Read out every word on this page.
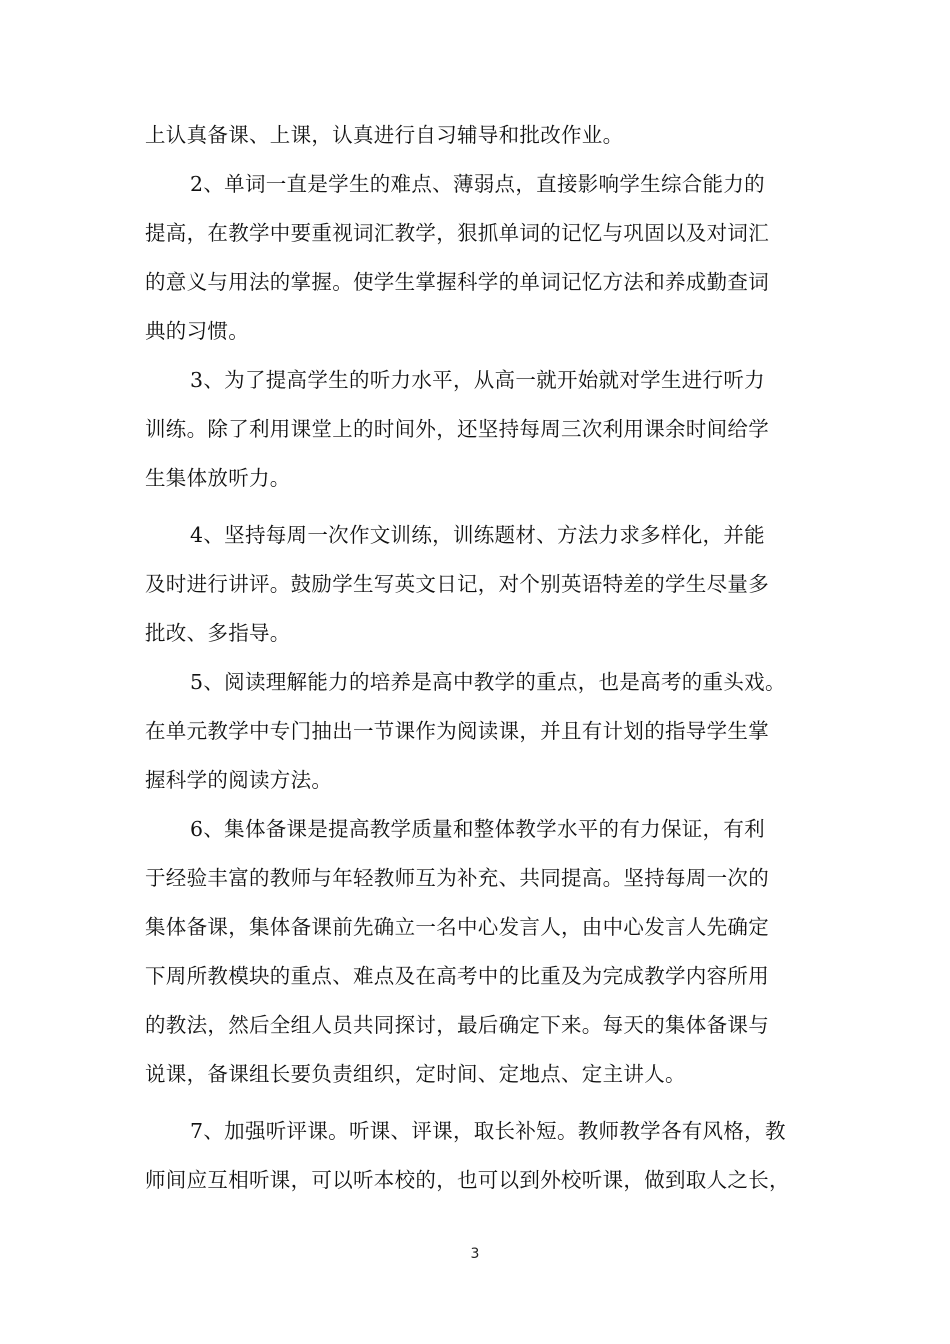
上认真备课、上课，认真进行自习辅导和批改作业。
2、单词一直是学生的难点、薄弱点，直接影响学生综合能力的
提高，在教学中要重视词汇教学，狠抓单词的记忆与巩固以及对词汇
的意义与用法的掌握。使学生掌握科学的单词记忆方法和养成勤查词
典的习惯。
3、为了提高学生的听力水平，从高一就开始就对学生进行听力
训练。除了利用课堂上的时间外，还坚持每周三次利用课余时间给学
生集体放听力。
4、坚持每周一次作文训练，训练题材、方法力求多样化，并能
及时进行讲评。鼓励学生写英文日记，对个别英语特差的学生尽量多
批改、多指导。
5、阅读理解能力的培养是高中教学的重点，也是高考的重头戏。
在单元教学中专门抽出一节课作为阅读课，并且有计划的指导学生掌
握科学的阅读方法。
6、集体备课是提高教学质量和整体教学水平的有力保证，有利
于经验丰富的教师与年轻教师互为补充、共同提高。坚持每周一次的
集体备课，集体备课前先确立一名中心发言人，由中心发言人先确定
下周所教模块的重点、难点及在高考中的比重及为完成教学内容所用
的教法，然后全组人员共同探讨，最后确定下来。每天的集体备课与
说课，备课组长要负责组织，定时间、定地点、定主讲人。
7、加强听评课。听课、评课，取长补短。教师教学各有风格，教
师间应互相听课，可以听本校的，也可以到外校听课，做到取人之长，
3
